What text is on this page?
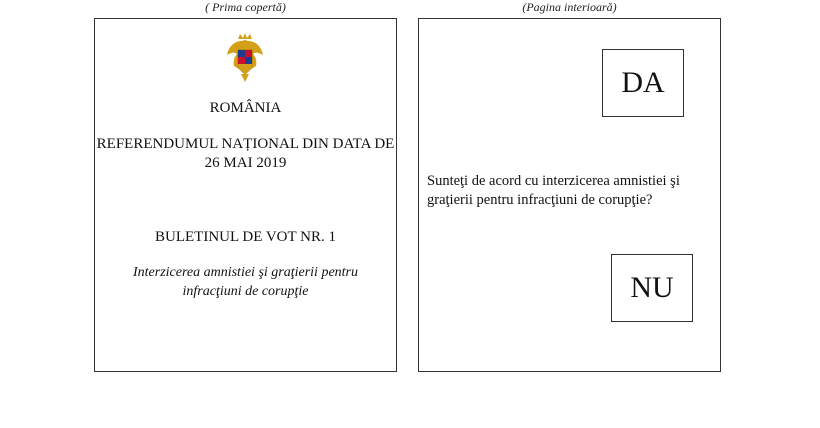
( Prima copertă)	(Pagina interioară)
ROMÂNIA
REFERENDUMUL NAȚIONAL DIN DATA DE 26 MAI 2019
BULETINUL DE VOT NR. 1
Interzicerea amnistiei şi graţierii pentru infracţiuni de corupţie
DA
Sunteţi de acord cu interzicerea amnistiei şi graţierii pentru infracţiuni de corupţie?
NU
